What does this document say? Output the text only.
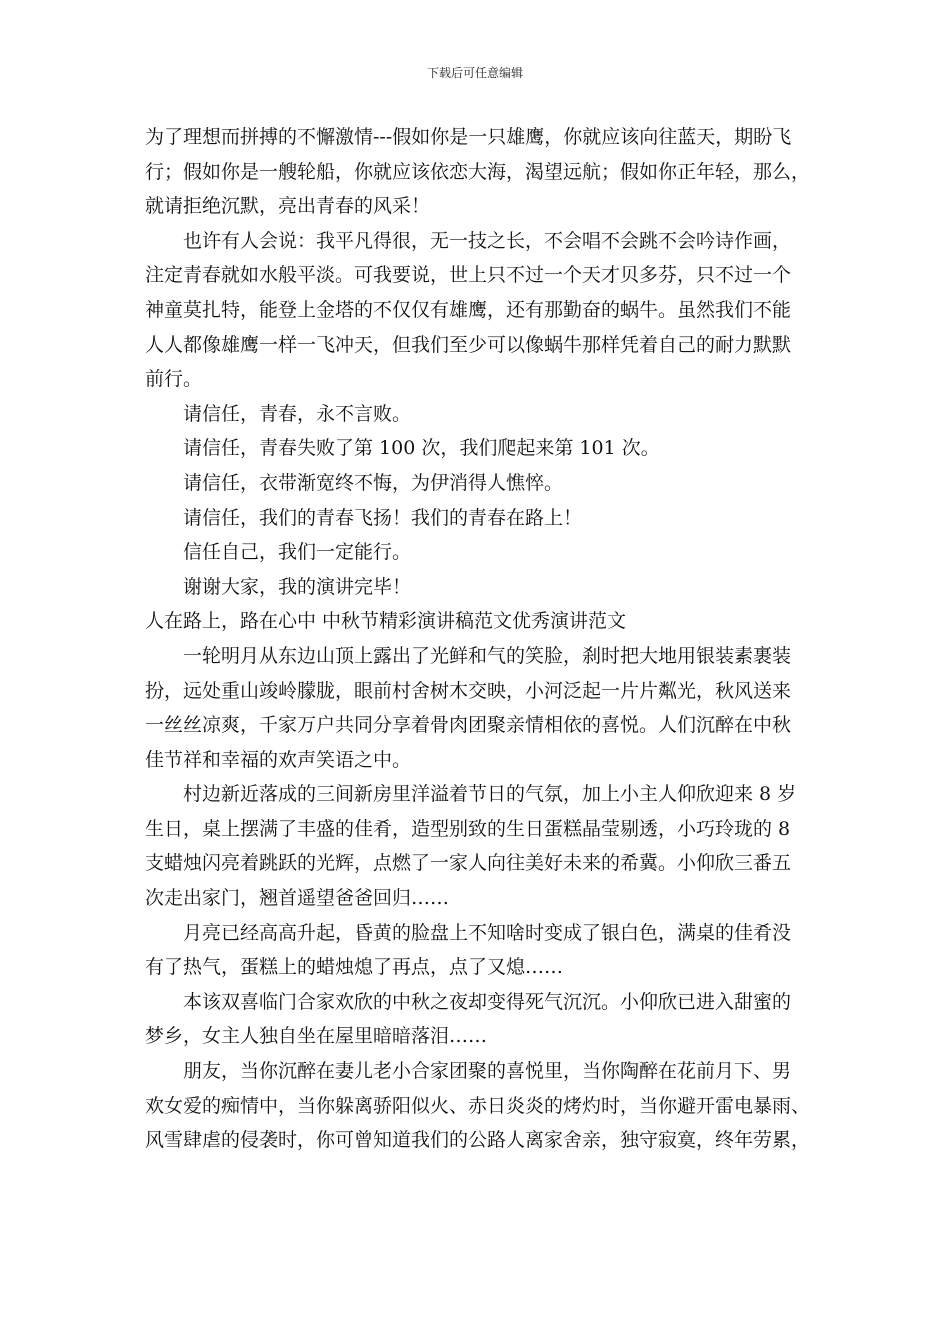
下载后可任意编辑
为了理想而拼搏的不懈激情---假如你是一只雄鹰，你就应该向往蓝天，期盼飞
行；假如你是一艘轮船，你就应该依恋大海，渴望远航；假如你正年轻，那么，
就请拒绝沉默，亮出青春的风采！
也许有人会说：我平凡得很，无一技之长，不会唱不会跳不会吟诗作画，
注定青春就如水般平淡。可我要说，世上只不过一个天才贝多芬，只不过一个
神童莫扎特，能登上金塔的不仅仅有雄鹰，还有那勤奋的蜗牛。虽然我们不能
人人都像雄鹰一样一飞冲天，但我们至少可以像蜗牛那样凭着自己的耐力默默
前行。
请信任，青春，永不言败。
请信任，青春失败了第 100 次，我们爬起来第 101 次。
请信任，衣带渐宽终不悔，为伊消得人憔悴。
请信任，我们的青春飞扬！我们的青春在路上！
信任自己，我们一定能行。
谢谢大家，我的演讲完毕！
人在路上，路在心中 中秋节精彩演讲稿范文优秀演讲范文
一轮明月从东边山顶上露出了光鲜和气的笑脸，刹时把大地用银装素裹装
扮，远处重山竣岭朦胧，眼前村舍树木交映，小河泛起一片片粼光，秋风送来
一丝丝凉爽，千家万户共同分享着骨肉团聚亲情相依的喜悦。人们沉醉在中秋
佳节祥和幸福的欢声笑语之中。
村边新近落成的三间新房里洋溢着节日的气氛，加上小主人仰欣迎来 8 岁
生日，桌上摆满了丰盛的佳肴，造型别致的生日蛋糕晶莹剔透，小巧玲珑的 8
支蜡烛闪亮着跳跃的光辉，点燃了一家人向往美好未来的希冀。小仰欣三番五
次走出家门，翘首遥望爸爸回归……
月亮已经高高升起，昏黄的脸盘上不知啥时变成了银白色，满桌的佳肴没
有了热气，蛋糕上的蜡烛熄了再点，点了又熄……
本该双喜临门合家欢欣的中秋之夜却变得死气沉沉。小仰欣已进入甜蜜的
梦乡，女主人独自坐在屋里暗暗落泪……
朋友，当你沉醉在妻儿老小合家团聚的喜悦里，当你陶醉在花前月下、男
欢女爱的痴情中，当你躲离骄阳似火、赤日炎炎的烤灼时，当你避开雷电暴雨、
风雪肆虐的侵袭时，你可曾知道我们的公路人离家舍亲，独守寂寞，终年劳累，
